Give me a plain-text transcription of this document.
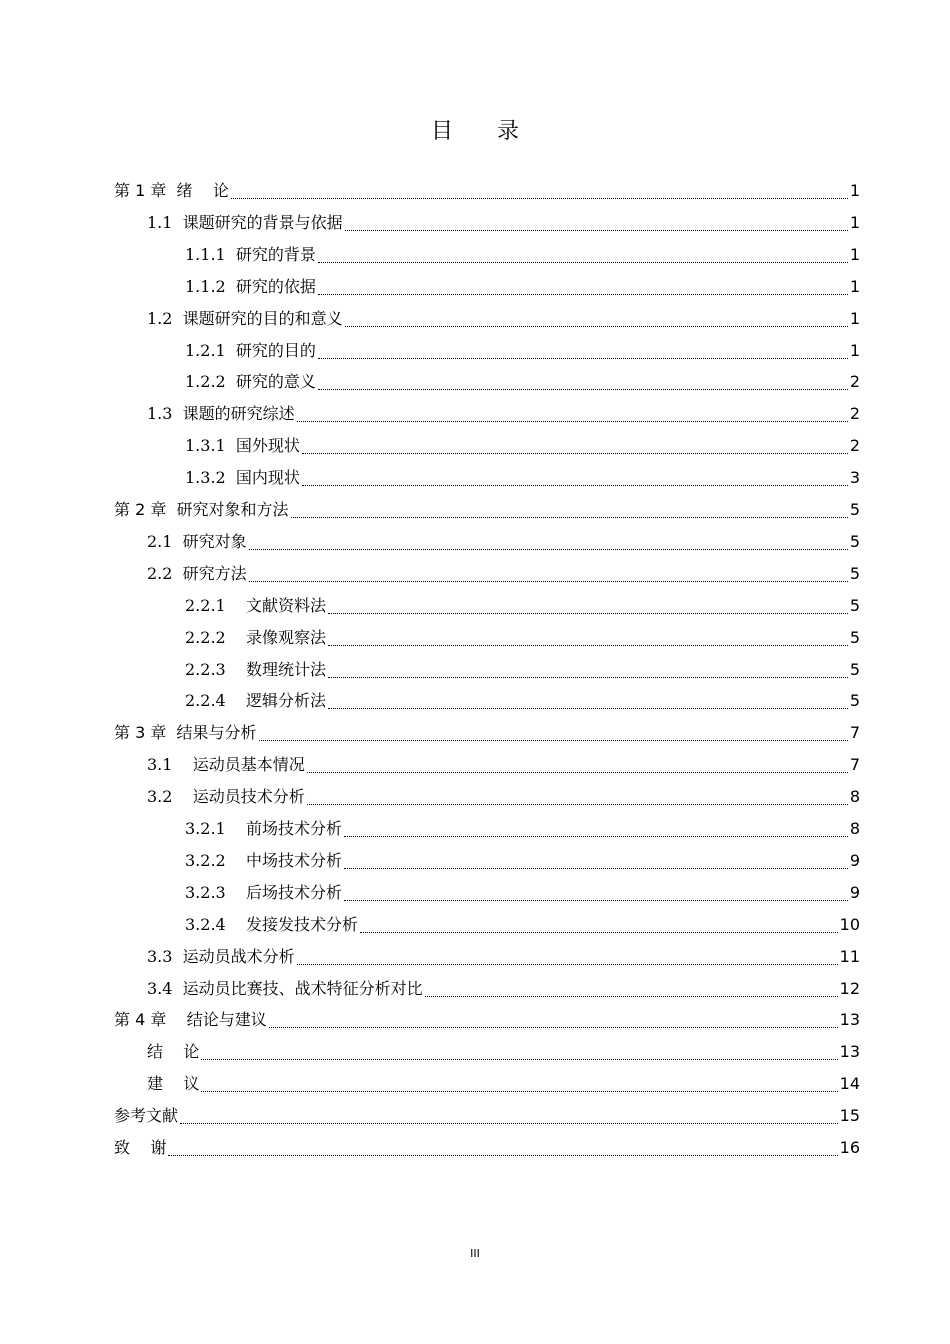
目录
第 1 章  绪    论	1
1.1  课题研究的背景与依据	1
1.1.1  研究的背景	1
1.1.2  研究的依据	1
1.2  课题研究的目的和意义	1
1.2.1  研究的目的	1
1.2.2  研究的意义	2
1.3  课题的研究综述	2
1.3.1  国外现状	2
1.3.2  国内现状	3
第 2 章  研究对象和方法	5
2.1  研究对象	5
2.2  研究方法	5
2.2.1    文献资料法	5
2.2.2    录像观察法	5
2.2.3    数理统计法	5
2.2.4    逻辑分析法	5
第 3 章  结果与分析	7
3.1    运动员基本情况	7
3.2    运动员技术分析	8
3.2.1    前场技术分析	8
3.2.2    中场技术分析	9
3.2.3    后场技术分析	9
3.2.4    发接发技术分析	10
3.3  运动员战术分析	11
3.4  运动员比赛技、战术特征分析对比	12
第 4 章    结论与建议	13
结    论	13
建    议	14
参考文献	15
致    谢	16
III
